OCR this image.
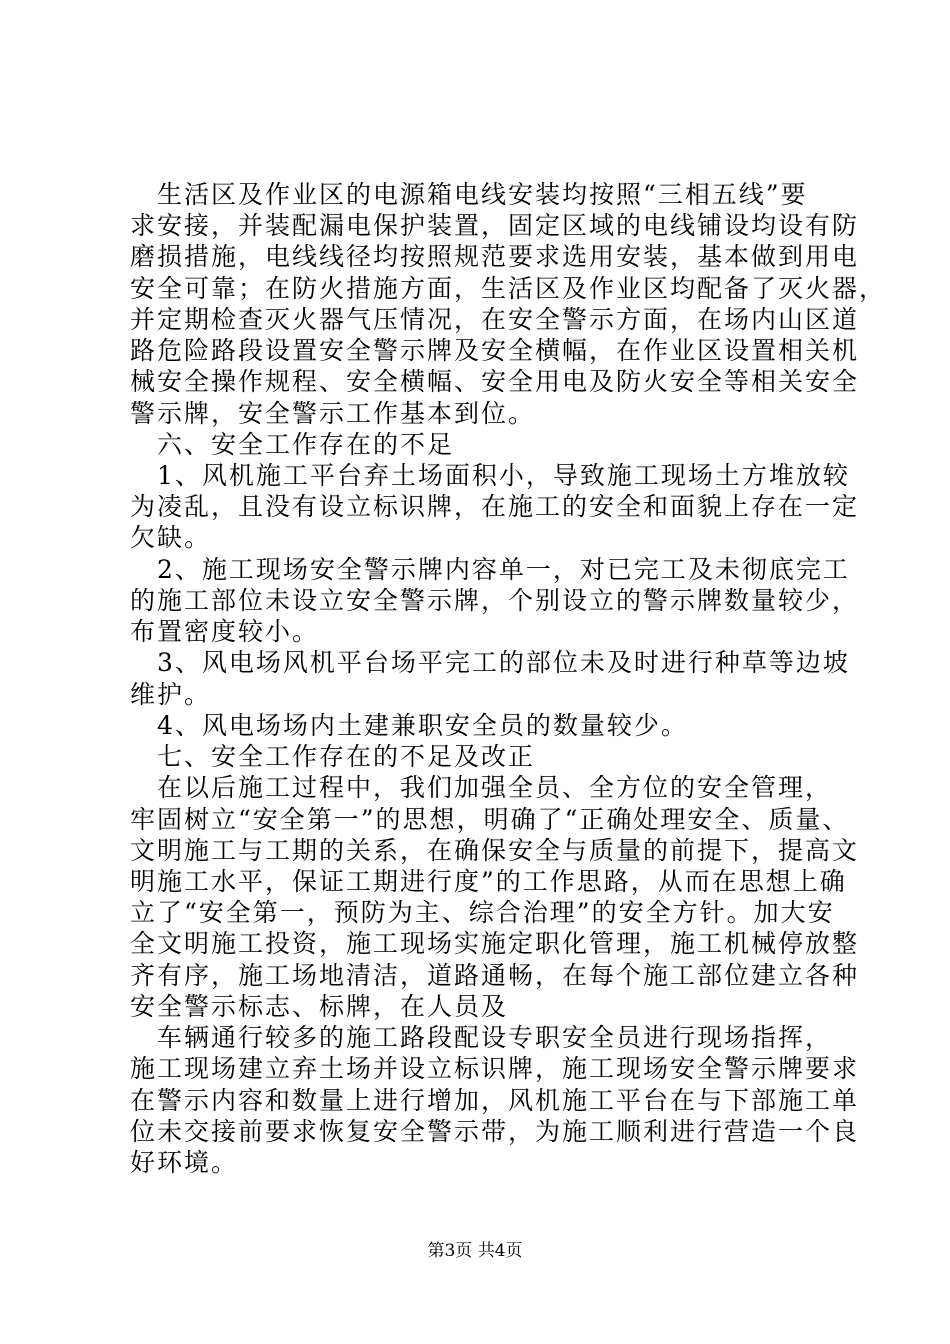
　生活区及作业区的电源箱电线安装均按照“三相五线”要
求安接，并装配漏电保护装置，固定区域的电线铺设均设有防
磨损措施，电线线径均按照规范要求选用安装，基本做到用电
安全可靠；在防火措施方面，生活区及作业区均配备了灭火器，
并定期检查灭火器气压情况，在安全警示方面，在场内山区道
路危险路段设置安全警示牌及安全横幅，在作业区设置相关机
械安全操作规程、安全横幅、安全用电及防火安全等相关安全
警示牌，安全警示工作基本到位。
　六、安全工作存在的不足
　1、风机施工平台弃土场面积小，导致施工现场土方堆放较
为凌乱，且没有设立标识牌，在施工的安全和面貌上存在一定
欠缺。
　2、施工现场安全警示牌内容单一，对已完工及未彻底完工
的施工部位未设立安全警示牌，个别设立的警示牌数量较少，
布置密度较小。
　3、风电场风机平台场平完工的部位未及时进行种草等边坡
维护。
　4、风电场场内土建兼职安全员的数量较少。
　七、安全工作存在的不足及改正
　在以后施工过程中，我们加强全员、全方位的安全管理，
牢固树立“安全第一”的思想，明确了“正确处理安全、质量、
文明施工与工期的关系，在确保安全与质量的前提下，提高文
明施工水平，保证工期进行度”的工作思路，从而在思想上确
立了“安全第一，预防为主、综合治理”的安全方针。加大安
全文明施工投资，施工现场实施定职化管理，施工机械停放整
齐有序，施工场地清洁，道路通畅，在每个施工部位建立各种
安全警示标志、标牌，在人员及
　车辆通行较多的施工路段配设专职安全员进行现场指挥，
施工现场建立弃土场并设立标识牌，施工现场安全警示牌要求
在警示内容和数量上进行增加，风机施工平台在与下部施工单
位未交接前要求恢复安全警示带，为施工顺利进行营造一个良
好环境。
第3页 共4页
